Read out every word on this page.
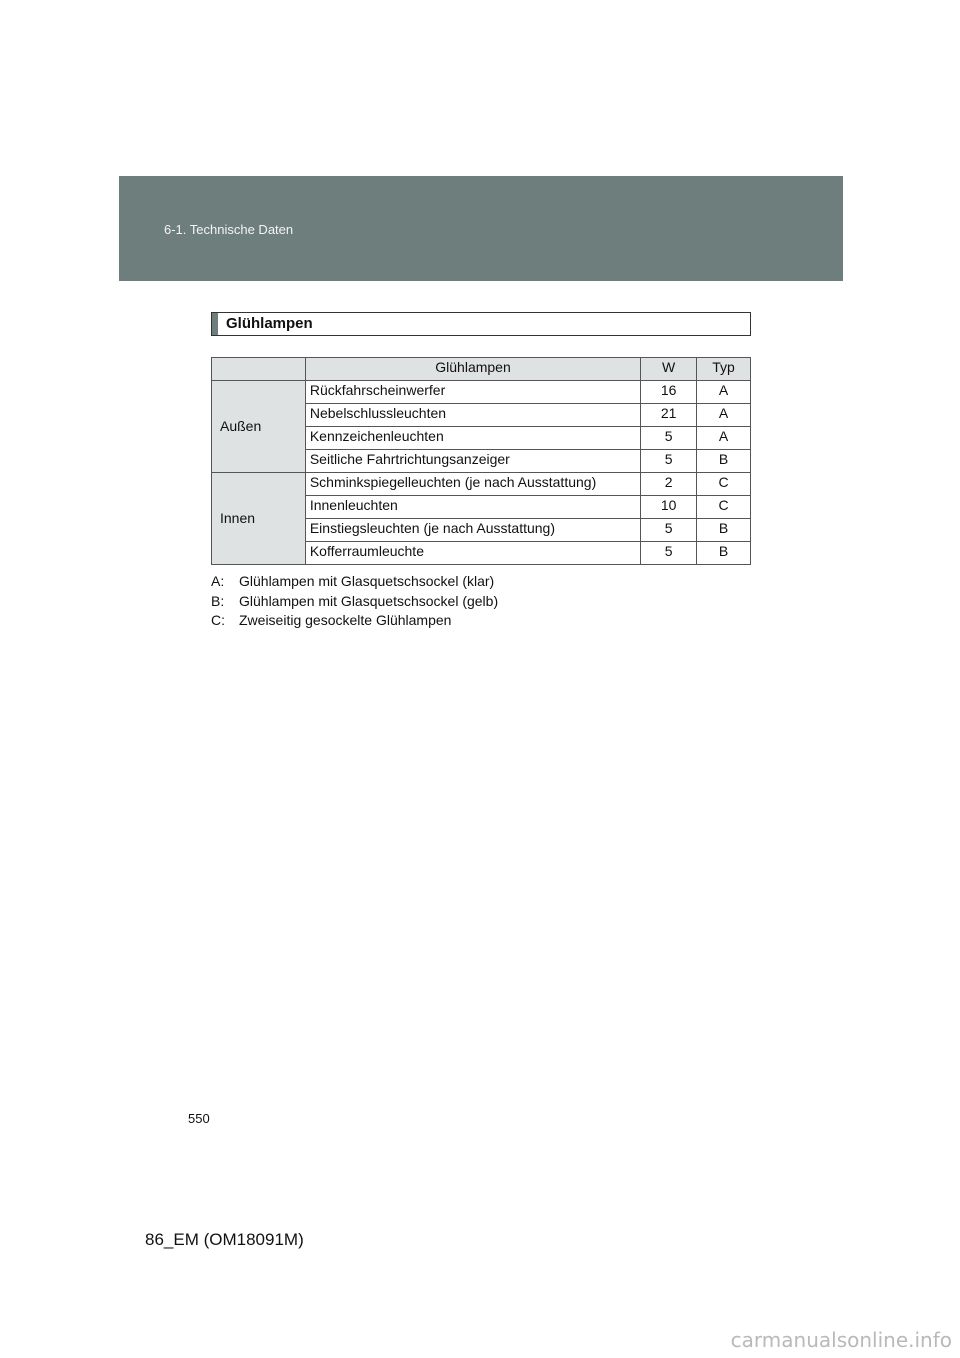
6-1. Technische Daten
Glühlampen
	Glühlampen	W	Typ
Außen	Rückfahrscheinwerfer	16	A
	Nebelschlussleuchten	21	A
	Kennzeichenleuchten	5	A
	Seitliche Fahrtrichtungsanzeiger	5	B
Innen	Schminkspiegelleuchten (je nach Ausstattung)	2	C
	Innenleuchten	10	C
	Einstiegsleuchten (je nach Ausstattung)	5	B
	Kofferraumleuchte	5	B
A:	Glühlampen mit Glasquetschsockel (klar)
B:	Glühlampen mit Glasquetschsockel (gelb)
C:	Zweiseitig gesockelte Glühlampen
550
86_EM (OM18091M)
carmanualsonline.info
